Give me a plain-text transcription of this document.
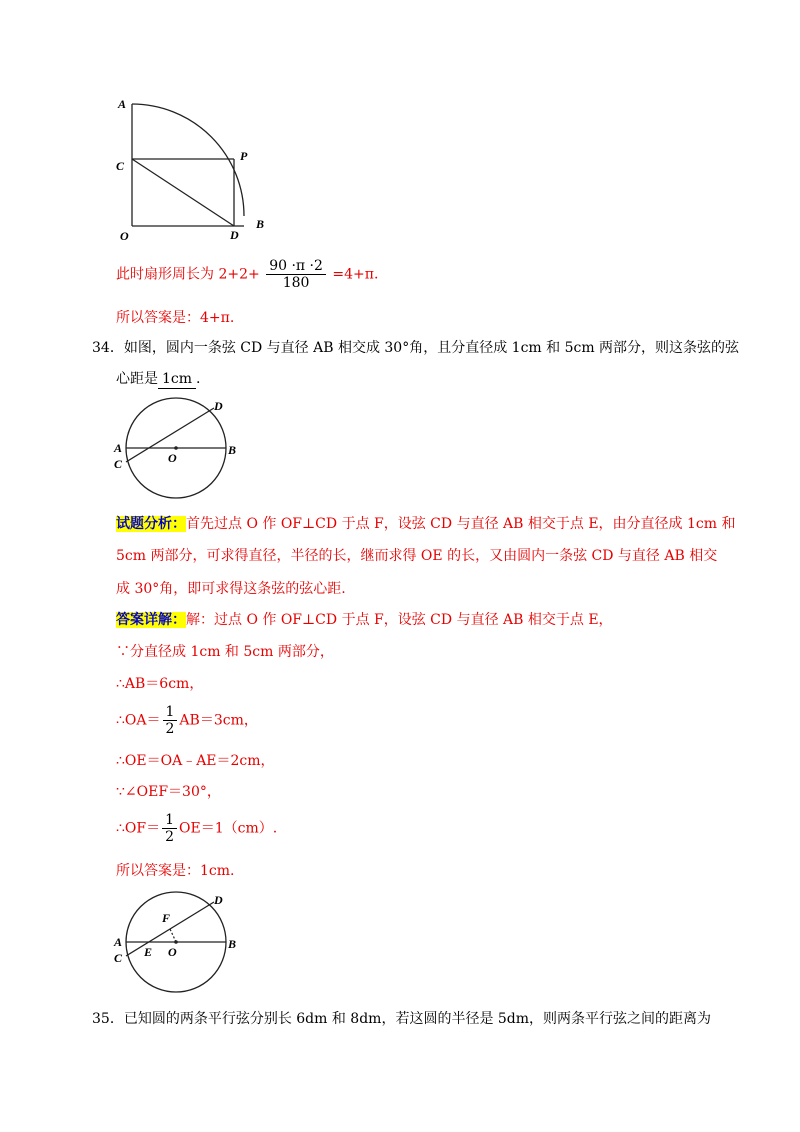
A
C
P
O	D
B
此时扇形周长为 $2+2+ \frac{90 \cdot\pi \cdot 2}{180} =4+\pi$.
所以答案是：4+π.
34．如图，圆内一条弦 CD 与直径 AB 相交成 30°角，且分直径成 1cm 和 5cm 两部分，则这条弦的弦
心距是 1cm .
A
C	O
B
D
试题分析：首先过点 O 作 OF⊥CD 于点 F，设弦 CD 与直径 AB 相交于点 E，由分直径成 1cm 和
5cm 两部分，可求得直径，半径的长，继而求得 OE 的长，又由圆内一条弦 CD 与直径 AB 相交
成 30°角，即可求得这条弦的弦心距.
答案详解：解：过点 O 作 OF⊥CD 于点 F，设弦 CD 与直径 AB 相交于点 E，
∵分直径成 1cm 和 5cm 两部分，
∴AB＝6cm，
∴OA＝ $\frac{1}{2} AB=3cm$，
∴OE＝OA﹣AE＝2cm，
∵∠OEF＝30°，
∴OF＝ $\frac{1}{2} OE=1(cm)$.
所以答案是：1cm.
D
F
A
E O
B
C
35．已知圆的两条平行弦分别长 6dm 和 8dm，若这圆的半径是 5dm，则两条平行弦之间的距离为
